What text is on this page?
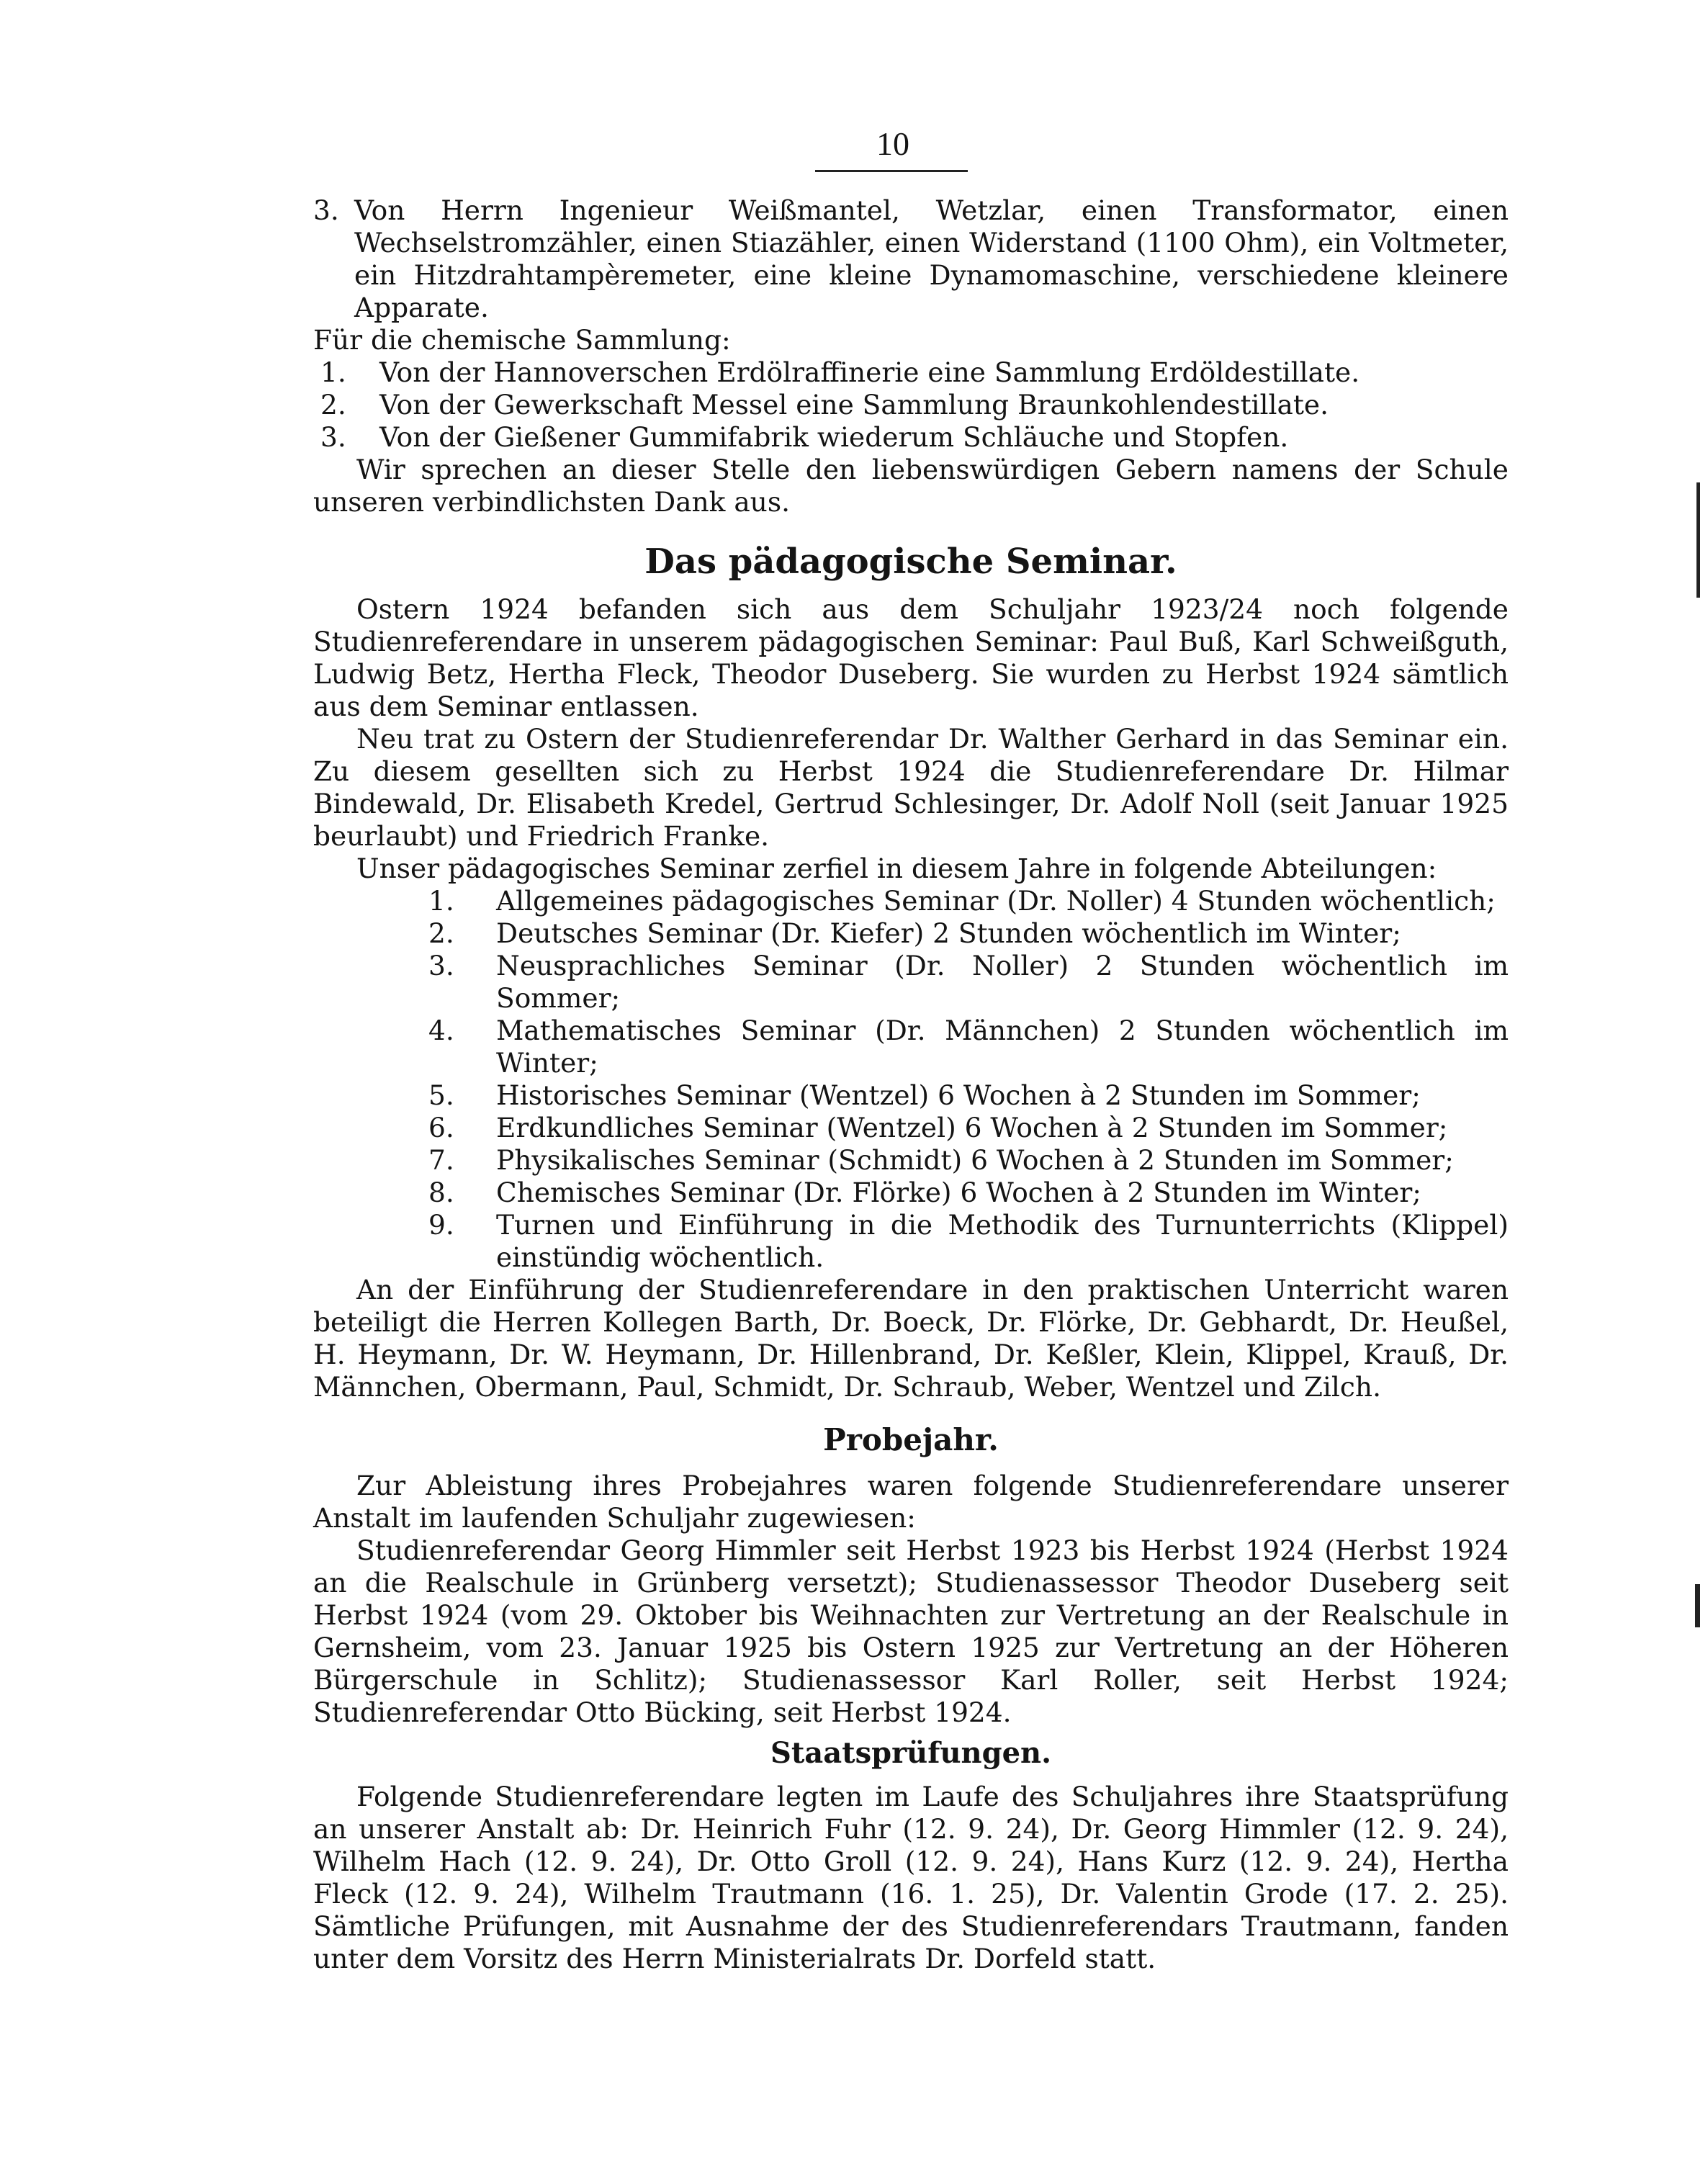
10
3. Von Herrn Ingenieur Weißmantel, Wetzlar, einen Transformator, einen Wechselstromzähler, einen Stiazähler, einen Widerstand (1100 Ohm), ein Voltmeter, ein Hitzdrahtampèremeter, eine kleine Dynamomaschine, verschiedene kleinere Apparate.

Für die chemische Sammlung:

1.	Von der Hannoverschen Erdölraffinerie eine Sammlung Erdöldestillate.
2.	Von der Gewerkschaft Messel eine Sammlung Braunkohlendestillate.
3.	Von der Gießener Gummifabrik wiederum Schläuche und Stopfen.

Wir sprechen an dieser Stelle den liebenswürdigen Gebern namens der Schule unseren verbindlichsten Dank aus.

Das pädagogische Seminar.

Ostern 1924 befanden sich aus dem Schuljahr 1923/24 noch folgende Studienreferendare in unserem pädagogischen Seminar: Paul Buß, Karl Schweißguth, Ludwig Betz, Hertha Fleck, Theodor Duseberg. Sie wurden zu Herbst 1924 sämtlich aus dem Seminar entlassen.

Neu trat zu Ostern der Studienreferendar Dr. Walther Gerhard in das Seminar ein. Zu diesem gesellten sich zu Herbst 1924 die Studienreferendare Dr. Hilmar Bindewald, Dr. Elisabeth Kredel, Gertrud Schlesinger, Dr. Adolf Noll (seit Januar 1925 beurlaubt) und Friedrich Franke.

Unser pädagogisches Seminar zerfiel in diesem Jahre in folgende Abteilungen:

1.	Allgemeines pädagogisches Seminar (Dr. Noller) 4 Stunden wöchentlich;
2.	Deutsches Seminar (Dr. Kiefer) 2 Stunden wöchentlich im Winter;
3.	Neusprachliches Seminar (Dr. Noller) 2 Stunden wöchentlich im Sommer;
4.	Mathematisches Seminar (Dr. Männchen) 2 Stunden wöchentlich im Winter;
5.	Historisches Seminar (Wentzel) 6 Wochen à 2 Stunden im Sommer;
6.	Erdkundliches Seminar (Wentzel) 6 Wochen à 2 Stunden im Sommer;
7.	Physikalisches Seminar (Schmidt) 6 Wochen à 2 Stunden im Sommer;
8.	Chemisches Seminar (Dr. Flörke) 6 Wochen à 2 Stunden im Winter;
9.	Turnen und Einführung in die Methodik des Turnunterrichts (Klippel) einstündig wöchentlich.

An der Einführung der Studienreferendare in den praktischen Unterricht waren beteiligt die Herren Kollegen Barth, Dr. Boeck, Dr. Flörke, Dr. Gebhardt, Dr. Heußel, H. Heymann, Dr. W. Heymann, Dr. Hillenbrand, Dr. Keßler, Klein, Klippel, Krauß, Dr. Männchen, Obermann, Paul, Schmidt, Dr. Schraub, Weber, Wentzel und Zilch.

Probejahr.

Zur Ableistung ihres Probejahres waren folgende Studienreferendare unserer Anstalt im laufenden Schuljahr zugewiesen:

Studienreferendar Georg Himmler seit Herbst 1923 bis Herbst 1924 (Herbst 1924 an die Realschule in Grünberg versetzt); Studienassessor Theodor Duseberg seit Herbst 1924 (vom 29. Oktober bis Weihnachten zur Vertretung an der Realschule in Gernsheim, vom 23. Januar 1925 bis Ostern 1925 zur Vertretung an der Höheren Bürgerschule in Schlitz); Studienassessor Karl Roller, seit Herbst 1924; Studienreferendar Otto Bücking, seit Herbst 1924.

Staatsprüfungen.

Folgende Studienreferendare legten im Laufe des Schuljahres ihre Staatsprüfung an unserer Anstalt ab: Dr. Heinrich Fuhr (12. 9. 24), Dr. Georg Himmler (12. 9. 24), Wilhelm Hach (12. 9. 24), Dr. Otto Groll (12. 9. 24), Hans Kurz (12. 9. 24), Hertha Fleck (12. 9. 24), Wilhelm Trautmann (16. 1. 25), Dr. Valentin Grode (17. 2. 25). Sämtliche Prüfungen, mit Ausnahme der des Studienreferendars Trautmann, fanden unter dem Vorsitz des Herrn Ministerialrats Dr. Dorfeld statt.
